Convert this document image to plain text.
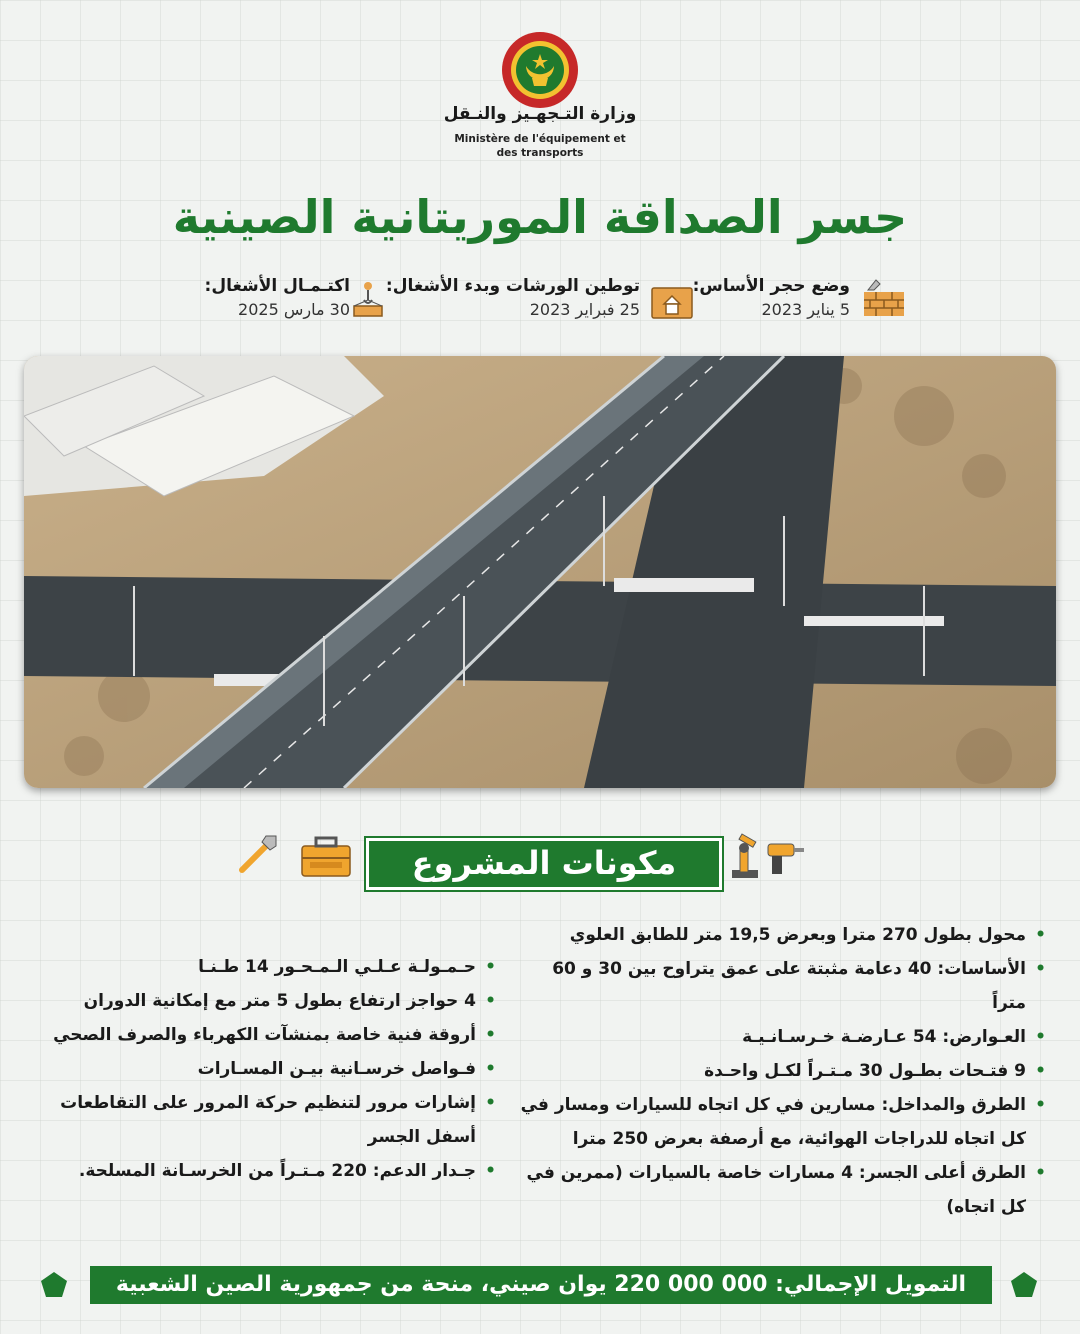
وزارة التـجهـيز والنـقل
Ministère de l'équipement et
des transports
جسر الصداقة الموريتانية الصينية
وضع حجر الأساس:
5 يناير 2023
توطين الورشات وبدء الأشغال:
25 فبراير 2023
اكتـمـال الأشغال:
30 مارس 2025
مكونات المشروع
• محول بطول 270 مترا وبعرض 19,5 متر للطابق العلوي
• الأساسات: 40 دعامة مثبتة على عمق يتراوح بين 30 و 60 متراً
• العـوارض: 54 عـارضـة خـرسـانـيـة
• 9 فتـحات بطـول 30 مـتـراً لكـل واحـدة
• الطرق والمداخل: مسارين في كل اتجاه للسيارات ومسار في كل اتجاه للدراجات الهوائية، مع أرصفة بعرض 250 مترا
• الطرق أعلى الجسر: 4 مسارات خاصة بالسيارات (ممرين في كل اتجاه)
• حـمـولـة عـلـي الـمـحـور 14 طـنـا
• 4 حواجز ارتفاع بطول 5 متر مع إمكانية الدوران
• أروقة فنية خاصة بمنشآت الكهرباء والصرف الصحي
• فـواصل خرسـانية بيـن المسـارات
• إشارات مرور لتنظيم حركة المرور على التقاطعات أسفل الجسر
• جـدار الدعم: 220 مـتـراً من الخرسـانة المسلحة.
التمويل الإجمالي: 000 000 220 يوان صيني، منحة من جمهورية الصين الشعبية
